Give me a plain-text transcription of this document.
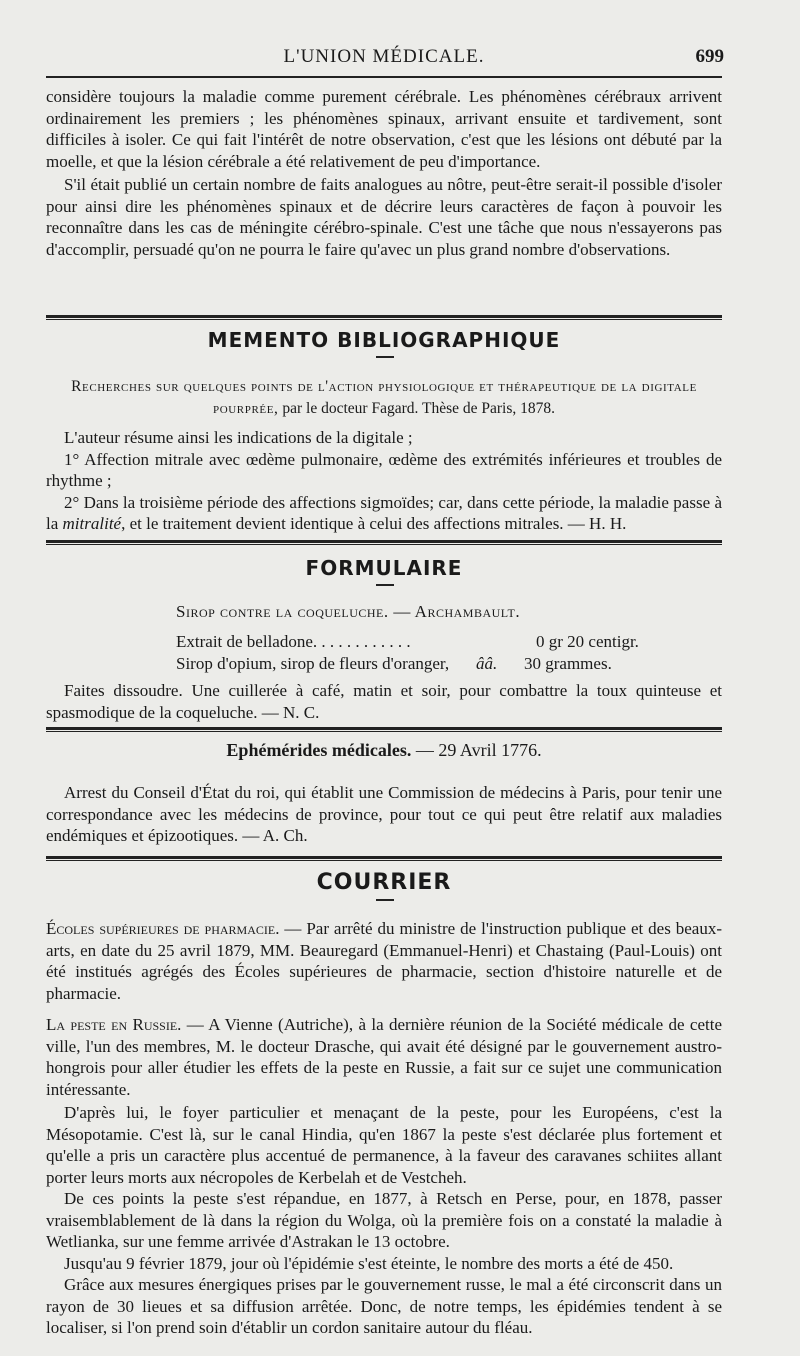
L'UNION MÉDICALE.	699

considère toujours la maladie comme purement cérébrale. Les phénomènes cérébraux arrivent ordinairement les premiers ; les phénomènes spinaux, arrivant ensuite et tardivement, sont difficiles à isoler. Ce qui fait l'intérêt de notre observation, c'est que les lésions ont débuté par la moelle, et que la lésion cérébrale a été relativement de peu d'importance.

S'il était publié un certain nombre de faits analogues au nôtre, peut-être serait-il possible d'isoler pour ainsi dire les phénomènes spinaux et de décrire leurs caractères de façon à pouvoir les reconnaître dans les cas de méningite cérébro-spinale. C'est une tâche que nous n'essayerons pas d'accomplir, persuadé qu'on ne pourra le faire qu'avec un plus grand nombre d'observations.

MEMENTO BIBLIOGRAPHIQUE

Recherches sur quelques points de l'action physiologique et thérapeutique de la digitale pourprée, par le docteur Fagard. Thèse de Paris, 1878.

L'auteur résume ainsi les indications de la digitale ;

1° Affection mitrale avec œdème pulmonaire, œdème des extrémités inférieures et troubles de rhythme ;

2° Dans la troisième période des affections sigmoïdes; car, dans cette période, la maladie passe à la mitralité, et le traitement devient identique à celui des affections mitrales. — H. H.

FORMULAIRE
Sirop contre la coqueluche. — Archambault.
Extrait de belladone. . . . . . . . . . . .	0 gr 20 centigr.
Sirop d'opium, sirop de fleurs d'oranger, ââ. 30 grammes.

Faites dissoudre. Une cuillerée à café, matin et soir, pour combattre la toux quinteuse et spasmodique de la coqueluche. — N. C.

Ephémérides médicales. — 29 Avril 1776.

Arrest du Conseil d'État du roi, qui établit une Commission de médecins à Paris, pour tenir une correspondance avec les médecins de province, pour tout ce qui peut être relatif aux maladies endémiques et épizootiques. — A. Ch.

COURRIER

Écoles supérieures de pharmacie. — Par arrêté du ministre de l'instruction publique et des beaux-arts, en date du 25 avril 1879, MM. Beauregard (Emmanuel-Henri) et Chastaing (Paul-Louis) ont été institués agrégés des Écoles supérieures de pharmacie, section d'histoire naturelle et de pharmacie.

La peste en Russie. — A Vienne (Autriche), à la dernière réunion de la Société médicale de cette ville, l'un des membres, M. le docteur Drasche, qui avait été désigné par le gouvernement austro-hongrois pour aller étudier les effets de la peste en Russie, a fait sur ce sujet une communication intéressante.

D'après lui, le foyer particulier et menaçant de la peste, pour les Européens, c'est la Mésopotamie. C'est là, sur le canal Hindia, qu'en 1867 la peste s'est déclarée plus fortement et qu'elle a pris un caractère plus accentué de permanence, à la faveur des caravanes schiites allant porter leurs morts aux nécropoles de Kerbelah et de Vestcheh.

De ces points la peste s'est répandue, en 1877, à Retsch en Perse, pour, en 1878, passer vraisemblablement de là dans la région du Wolga, où la première fois on a constaté la maladie à Wetlianka, sur une femme arrivée d'Astrakan le 13 octobre.

Jusqu'au 9 février 1879, jour où l'épidémie s'est éteinte, le nombre des morts a été de 450.

Grâce aux mesures énergiques prises par le gouvernement russe, le mal a été circonscrit dans un rayon de 30 lieues et sa diffusion arrêtée. Donc, de notre temps, les épidémies tendent à se localiser, si l'on prend soin d'établir un cordon sanitaire autour du fléau.
